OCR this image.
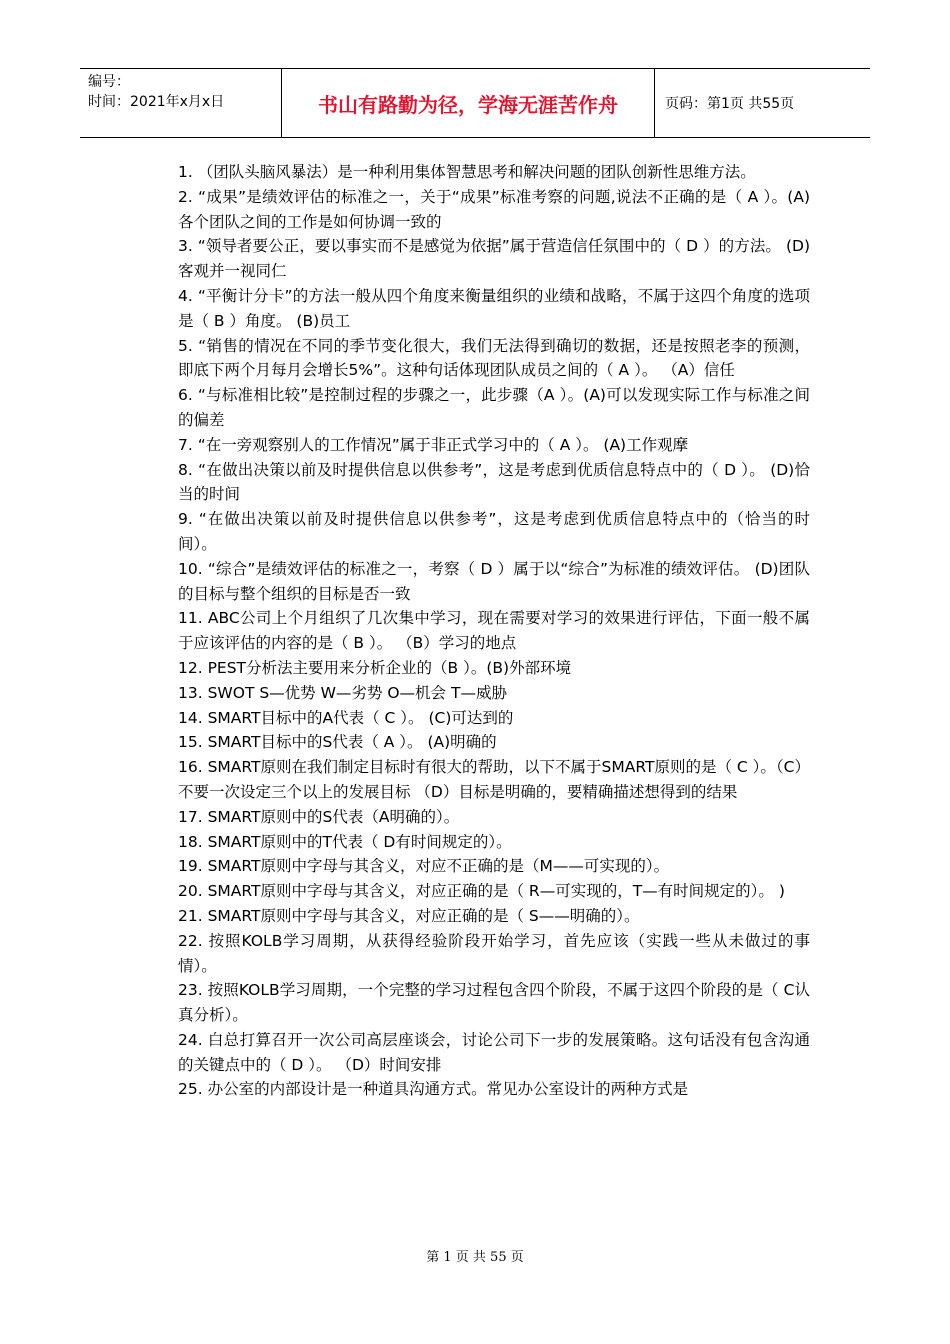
编号：
时间：2021年x月x日	书山有路勤为径，学海无涯苦作舟	页码：第1页 共55页

1. （团队头脑风暴法）是一种利用集体智慧思考和解决问题的团队创新性思维方法。

2. “成果”是绩效评估的标准之一，关于“成果”标准考察的问题,说法不正确的是（ A ）。(A)各个团队之间的工作是如何协调一致的

3. “领导者要公正，要以事实而不是感觉为依据”属于营造信任氛围中的（ D ）的方法。 (D)客观并一视同仁

4. “平衡计分卡”的方法一般从四个角度来衡量组织的业绩和战略，不属于这四个角度的选项是（ B ）角度。 (B)员工

5. “销售的情况在不同的季节变化很大，我们无法得到确切的数据，还是按照老李的预测，即底下两个月每月会增长5%”。这种句话体现团队成员之间的（ A ）。 （A）信任

6. “与标准相比较”是控制过程的步骤之一，此步骤（A ）。(A)可以发现实际工作与标准之间的偏差

7. “在一旁观察别人的工作情况”属于非正式学习中的（ A ）。 (A)工作观摩

8. “在做出决策以前及时提供信息以供参考”，这是考虑到优质信息特点中的（ D ）。 (D)恰当的时间

9. “在做出决策以前及时提供信息以供参考”，这是考虑到优质信息特点中的（恰当的时间）。

10. “综合”是绩效评估的标准之一，考察（ D ）属于以“综合”为标准的绩效评估。 (D)团队的目标与整个组织的目标是否一致

11. ABC公司上个月组织了几次集中学习，现在需要对学习的效果进行评估，下面一般不属于应该评估的内容的是（ B ）。 （B）学习的地点

12. PEST分析法主要用来分析企业的（B ）。(B)外部环境

13. SWOT S—优势 W—劣势 O—机会 T—威胁

14. SMART目标中的A代表（ C ）。 (C)可达到的

15. SMART目标中的S代表（ A ）。 (A)明确的

16. SMART原则在我们制定目标时有很大的帮助，以下不属于SMART原则的是（ C ）。（C）不要一次设定三个以上的发展目标 （D）目标是明确的，要精确描述想得到的结果

17. SMART原则中的S代表（A明确的）。

18. SMART原则中的T代表（ D有时间规定的）。

19. SMART原则中字母与其含义，对应不正确的是（M——可实现的）。

20. SMART原则中字母与其含义，对应正确的是（ R—可实现的，T—有时间规定的）。 )

21. SMART原则中字母与其含义，对应正确的是（ S——明确的）。

22. 按照KOLB学习周期，从获得经验阶段开始学习，首先应该（实践一些从未做过的事情）。

23. 按照KOLB学习周期，一个完整的学习过程包含四个阶段，不属于这四个阶段的是（ C认真分析）。

24. 白总打算召开一次公司高层座谈会，讨论公司下一步的发展策略。这句话没有包含沟通的关键点中的（ D ）。 （D）时间安排

25. 办公室的内部设计是一种道具沟通方式。常见办公室设计的两种方式是

第 1 页 共 55 页
